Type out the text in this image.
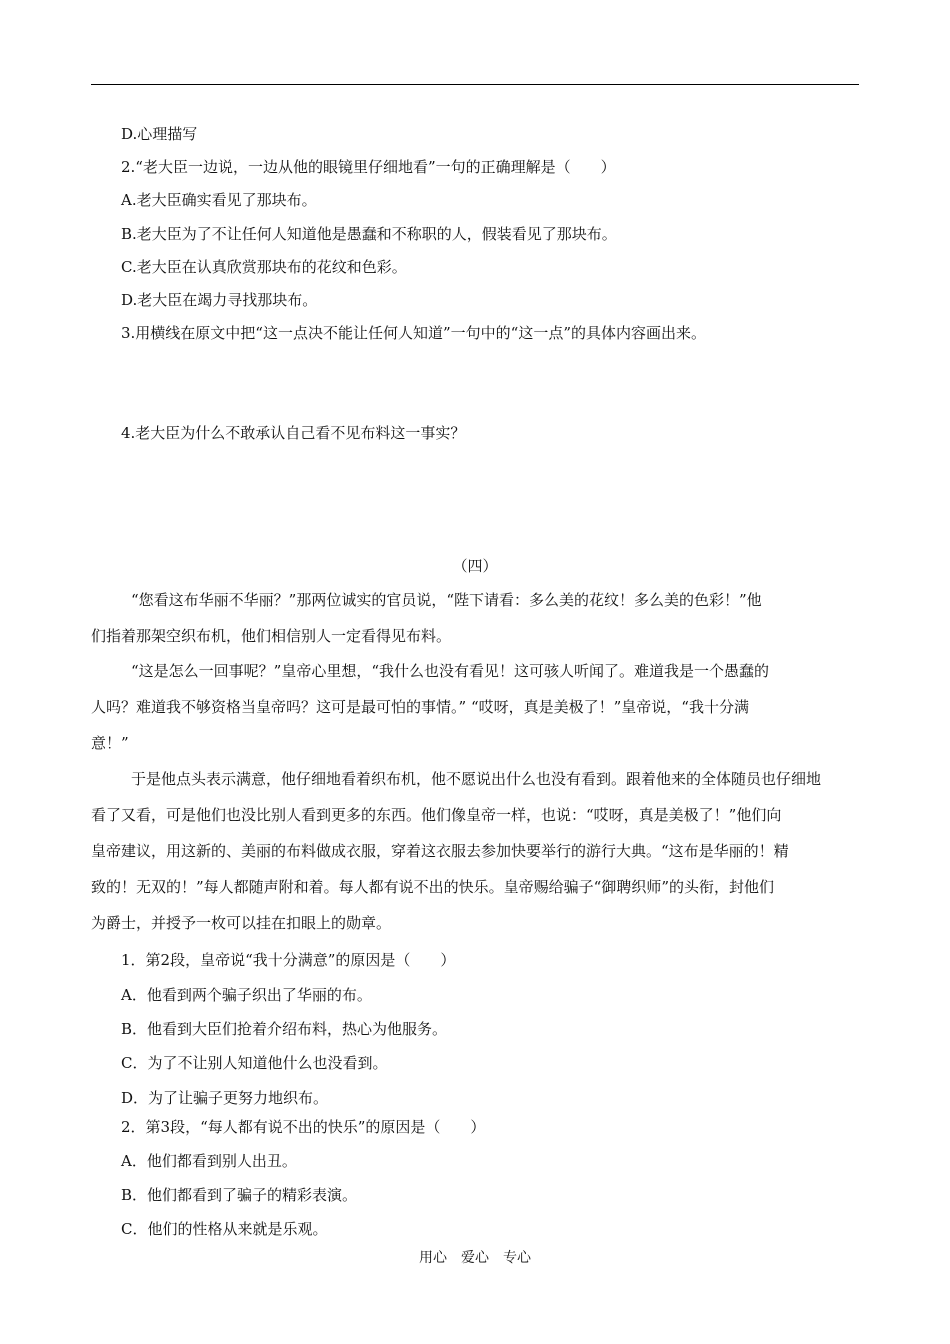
D.心理描写
2.“老大臣一边说，一边从他的眼镜里仔细地看”一句的正确理解是（　　）
A.老大臣确实看见了那块布。
B.老大臣为了不让任何人知道他是愚蠢和不称职的人，假装看见了那块布。
C.老大臣在认真欣赏那块布的花纹和色彩。
D.老大臣在竭力寻找那块布。
3.用横线在原文中把“这一点决不能让任何人知道”一句中的“这一点”的具体内容画出来。
4.老大臣为什么不敢承认自己看不见布料这一事实？
（四）
“您看这布华丽不华丽？”那两位诚实的官员说，“陛下请看：多么美的花纹！多么美的色彩！”他
们指着那架空织布机，他们相信别人一定看得见布料。
“这是怎么一回事呢？”皇帝心里想，“我什么也没有看见！这可骇人听闻了。难道我是一个愚蠢的
人吗？难道我不够资格当皇帝吗？这可是最可怕的事情。” “哎呀，真是美极了！”皇帝说，“我十分满
意！”
于是他点头表示满意，他仔细地看着织布机，他不愿说出什么也没有看到。跟着他来的全体随员也仔细地
看了又看，可是他们也没比别人看到更多的东西。他们像皇帝一样，也说：“哎呀，真是美极了！”他们向
皇帝建议，用这新的、美丽的布料做成衣服，穿着这衣服去参加快要举行的游行大典。“这布是华丽的！精
致的！无双的！”每人都随声附和着。每人都有说不出的快乐。皇帝赐给骗子“御聘织师”的头衔，封他们
为爵士，并授予一枚可以挂在扣眼上的勋章。
1．第2段，皇帝说“我十分满意”的原因是（　　）
A．他看到两个骗子织出了华丽的布。
B．他看到大臣们抢着介绍布料，热心为他服务。
C．为了不让别人知道他什么也没看到。
D．为了让骗子更努力地织布。
2．第3段，“每人都有说不出的快乐”的原因是（　　）
A．他们都看到别人出丑。
B．他们都看到了骗子的精彩表演。
C．他们的性格从来就是乐观。
用心　爱心　专心
